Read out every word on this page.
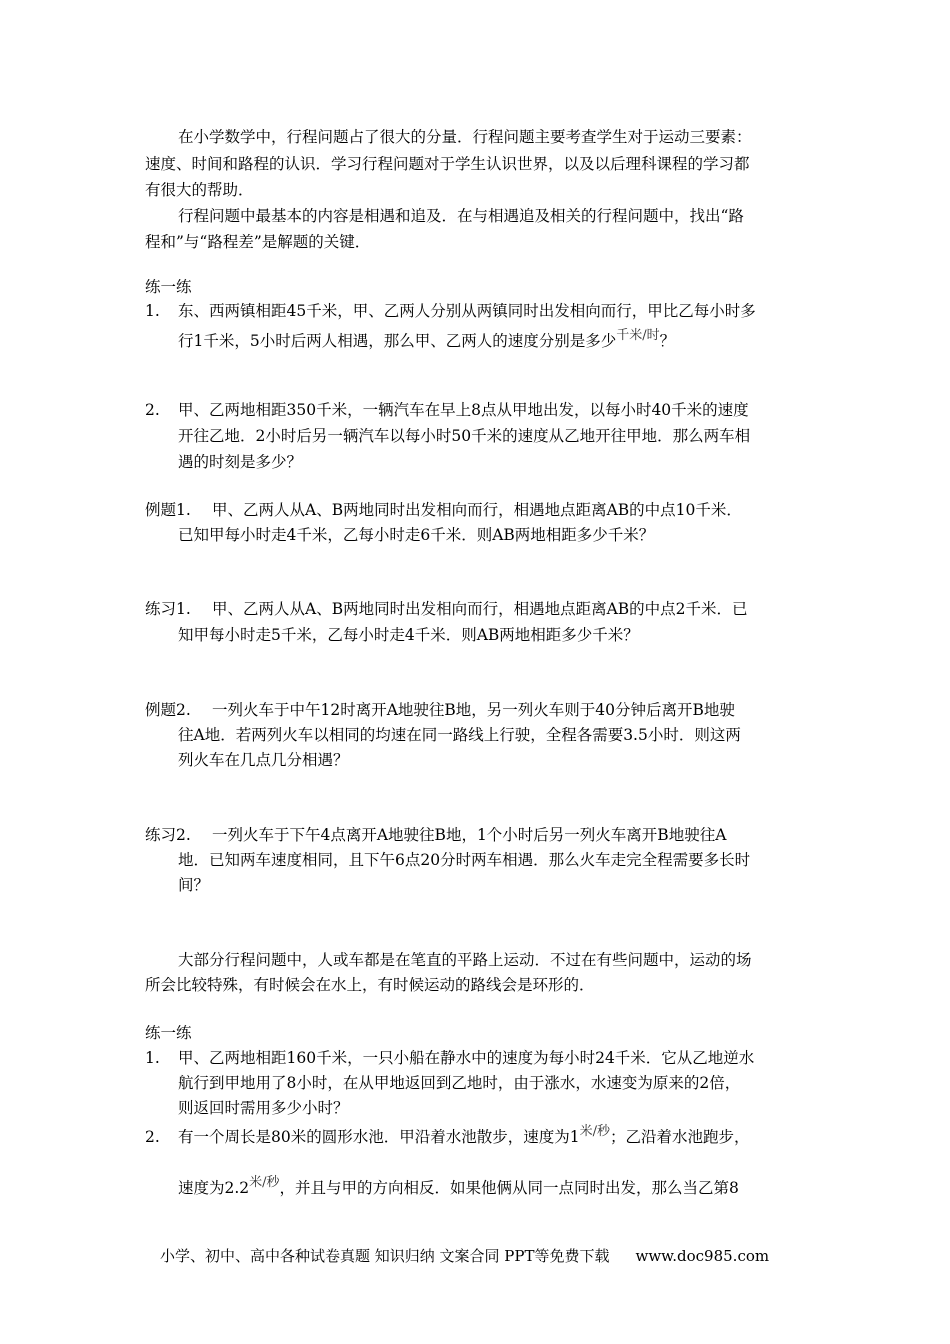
在小学数学中，行程问题占了很大的分量．行程问题主要考查学生对于运动三要素：
速度、时间和路程的认识．学习行程问题对于学生认识世界，以及以后理科课程的学习都
有很大的帮助．
行程问题中最基本的内容是相遇和追及．在与相遇追及相关的行程问题中，找出“路
程和”与“路程差”是解题的关键．
练一练
1. 东、西两镇相距45千米，甲、乙两人分别从两镇同时出发相向而行，甲比乙每小时多
行1千米，5小时后两人相遇，那么甲、乙两人的速度分别是多少$^{千米/时}$？
2. 甲、乙两地相距350千米，一辆汽车在早上8点从甲地出发，以每小时40千米的速度
开往乙地．2小时后另一辆汽车以每小时50千米的速度从乙地开往甲地．那么两车相
遇的时刻是多少？
例题1. 甲、乙两人从A、B两地同时出发相向而行，相遇地点距离AB的中点10千米．
已知甲每小时走4千米，乙每小时走6千米．则AB两地相距多少千米？
练习1. 甲、乙两人从A、B两地同时出发相向而行，相遇地点距离AB的中点2千米．已
知甲每小时走5千米，乙每小时走4千米．则AB两地相距多少千米？
例题2. 一列火车于中午12时离开A地驶往B地，另一列火车则于40分钟后离开B地驶
往A地．若两列火车以相同的均速在同一路线上行驶，全程各需要3.5小时．则这两
列火车在几点几分相遇？
练习2. 一列火车于下午4点离开A地驶往B地，1个小时后另一列火车离开B地驶往A
地．已知两车速度相同，且下午6点20分时两车相遇．那么火车走完全程需要多长时
间？
大部分行程问题中，人或车都是在笔直的平路上运动．不过在有些问题中，运动的场
所会比较特殊，有时候会在水上，有时候运动的路线会是环形的．
练一练
1. 甲、乙两地相距160千米，一只小船在静水中的速度为每小时24千米．它从乙地逆水
航行到甲地用了8小时，在从甲地返回到乙地时，由于涨水，水速变为原来的2倍，
则返回时需用多少小时？
2. 有一个周长是80米的圆形水池．甲沿着水池散步，速度为$1^{米/秒}$；乙沿着水池跑步，
速度为$2.2^{米/秒}$，并且与甲的方向相反．如果他俩从同一点同时出发，那么当乙第8
小学、初中、高中各种试卷真题 知识归纳 文案合同 PPT等免费下载 www.doc985.com
